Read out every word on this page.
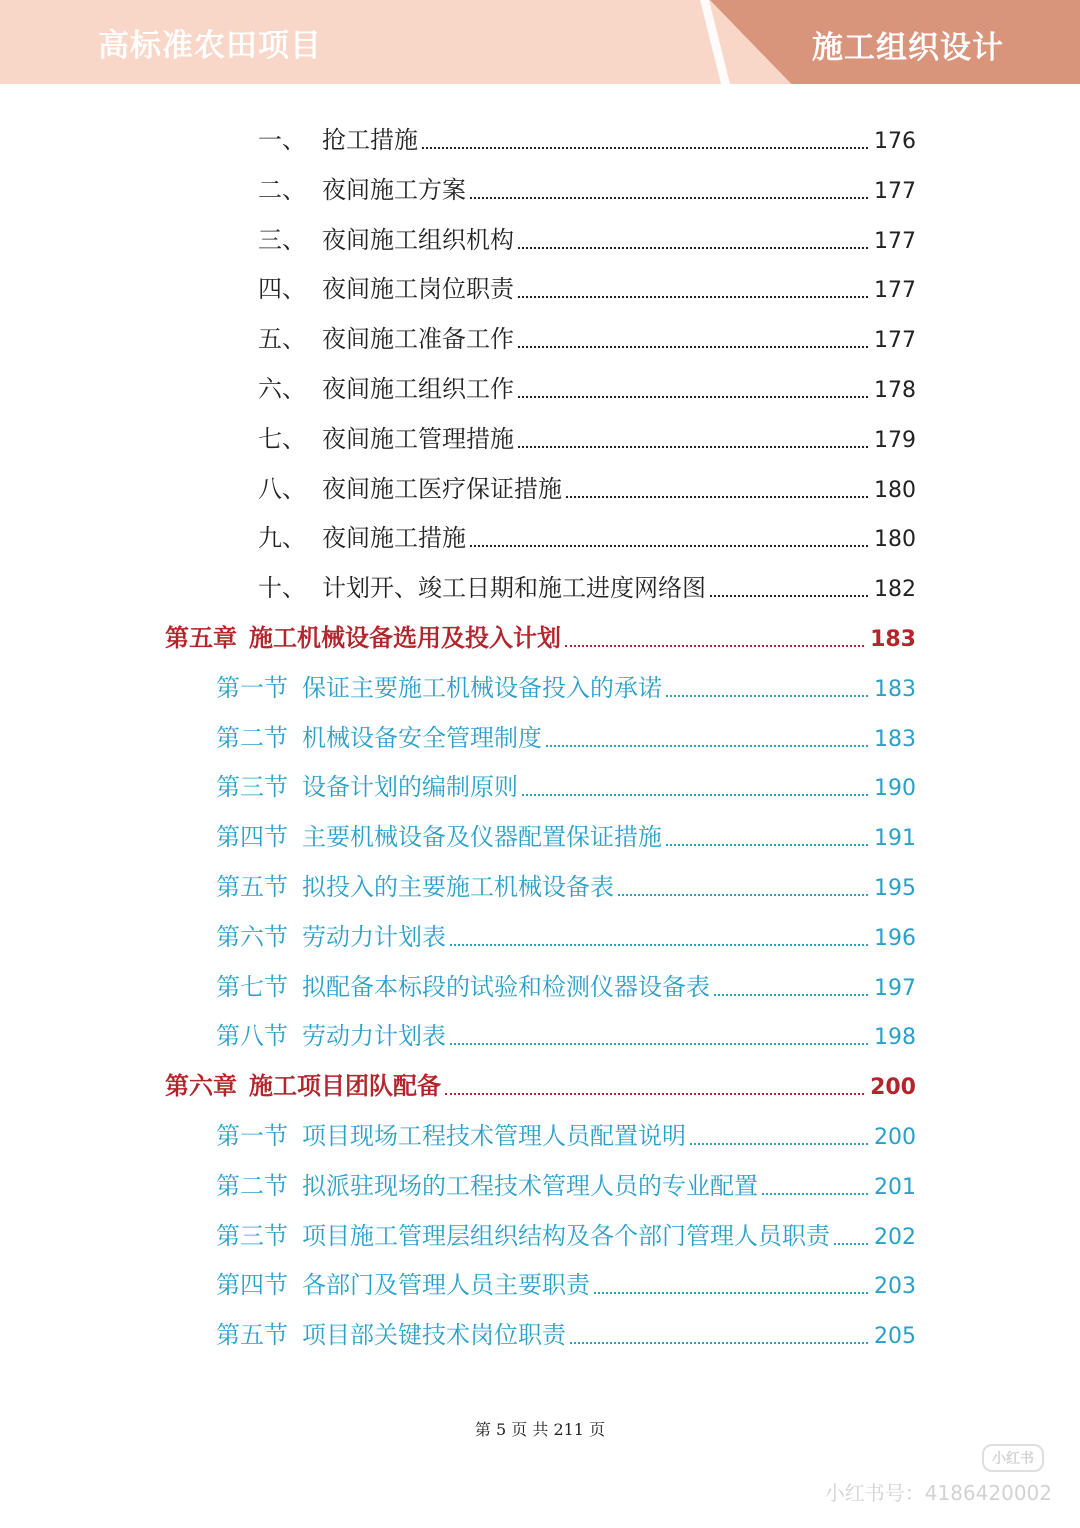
高标准农田项目	施工组织设计
一、 抢工措施	176
二、 夜间施工方案	177
三、 夜间施工组织机构	177
四、 夜间施工岗位职责	177
五、 夜间施工准备工作	177
六、 夜间施工组织工作	178
七、 夜间施工管理措施	179
八、 夜间施工医疗保证措施	180
九、 夜间施工措施	180
十、 计划开、竣工日期和施工进度网络图	182
第五章 施工机械设备选用及投入计划	183
第一节 保证主要施工机械设备投入的承诺	183
第二节 机械设备安全管理制度	183
第三节 设备计划的编制原则	190
第四节 主要机械设备及仪器配置保证措施	191
第五节 拟投入的主要施工机械设备表	195
第六节 劳动力计划表	196
第七节 拟配备本标段的试验和检测仪器设备表	197
第八节 劳动力计划表	198
第六章 施工项目团队配备	200
第一节 项目现场工程技术管理人员配置说明	200
第二节 拟派驻现场的工程技术管理人员的专业配置	201
第三节 项目施工管理层组织结构及各个部门管理人员职责 202
第四节 各部门及管理人员主要职责	203
第五节 项目部关键技术岗位职责	205
第 5 页 共 211 页
小红书
小红书号：4186420002
